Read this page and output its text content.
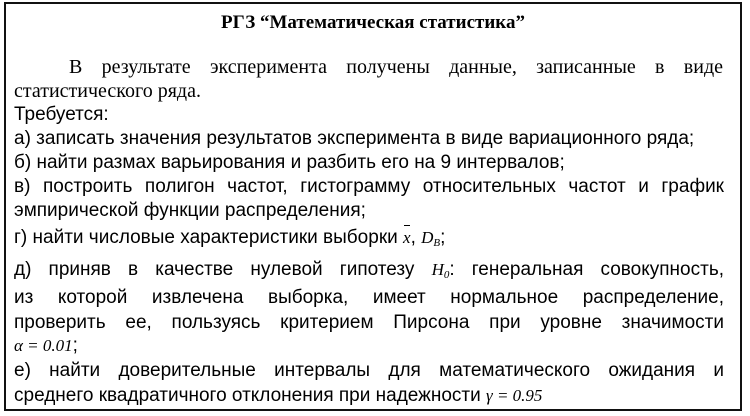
РГЗ “Математическая статистика”
В результате эксперимента получены данные, записанные в виде
статистического ряда.
Требуется:
а) записать значения результатов эксперимента в виде вариационного ряда;
б) найти размах варьирования и разбить его на 9 интервалов;
в) построить полигон частот, гистограмму относительных частот и график
эмпирической функции распределения;
г) найти числовые характеристики выборки x, $D_B$;
д) приняв в качестве нулевой гипотезу $H_0$: генеральная совокупность,
из которой извлечена выборка, имеет нормальное распределение,
проверить ее, пользуясь критерием Пирсона при уровне значимости
α = 0.01;
е) найти доверительные интервалы для математического ожидания и
среднего квадратичного отклонения при надежности γ = 0.95
